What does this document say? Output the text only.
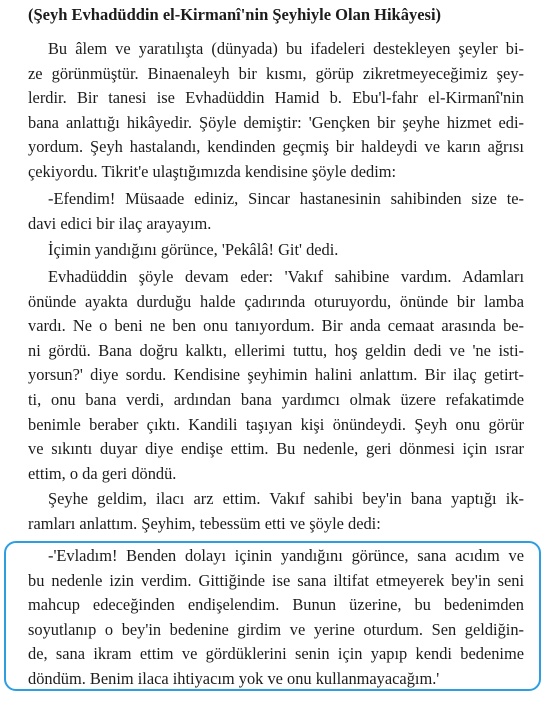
(Şeyh Evhadüddin el-Kirmanî'nin Şeyhiyle Olan Hikâyesi)
Bu âlem ve yaratılışta (dünyada) bu ifadeleri destekleyen şeyler bi-
ze görünmüştür. Binaenaleyh bir kısmı, görüp zikretmeyeceğimiz şey-
lerdir. Bir tanesi ise Evhadüddin Hamid b. Ebu'l-fahr el-Kirmanî'nin
bana anlattığı hikâyedir. Şöyle demiştir: 'Gençken bir şeyhe hizmet edi-
yordum. Şeyh hastalandı, kendinden geçmiş bir haldeydi ve karın ağrısı
çekiyordu. Tikrit'e ulaştığımızda kendisine şöyle dedim:
-Efendim! Müsaade ediniz, Sincar hastanesinin sahibinden size te-
davi edici bir ilaç arayayım.
İçimin yandığını görünce, 'Pekâlâ! Git' dedi.
Evhadüddin şöyle devam eder: 'Vakıf sahibine vardım. Adamları
önünde ayakta durduğu halde çadırında oturuyordu, önünde bir lamba
vardı. Ne o beni ne ben onu tanıyordum. Bir anda cemaat arasında be-
ni gördü. Bana doğru kalktı, ellerimi tuttu, hoş geldin dedi ve 'ne isti-
yorsun?' diye sordu. Kendisine şeyhimin halini anlattım. Bir ilaç getirt-
ti, onu bana verdi, ardından bana yardımcı olmak üzere refakatimde
benimle beraber çıktı. Kandili taşıyan kişi önündeydi. Şeyh onu görür
ve sıkıntı duyar diye endişe ettim. Bu nedenle, geri dönmesi için ısrar
ettim, o da geri döndü.
Şeyhe geldim, ilacı arz ettim. Vakıf sahibi bey'in bana yaptığı ik-
ramları anlattım. Şeyhim, tebessüm etti ve şöyle dedi:
-'Evladım! Benden dolayı içinin yandığını görünce, sana acıdım ve
bu nedenle izin verdim. Gittiğinde ise sana iltifat etmeyerek bey'in seni
mahcup edeceğinden endişelendim. Bunun üzerine, bu bedenimden
soyutlanıp o bey'in bedenine girdim ve yerine oturdum. Sen geldiğin-
de, sana ikram ettim ve gördüklerini senin için yapıp kendi bedenime
döndüm. Benim ilaca ihtiyacım yok ve onu kullanmayacağım.'
